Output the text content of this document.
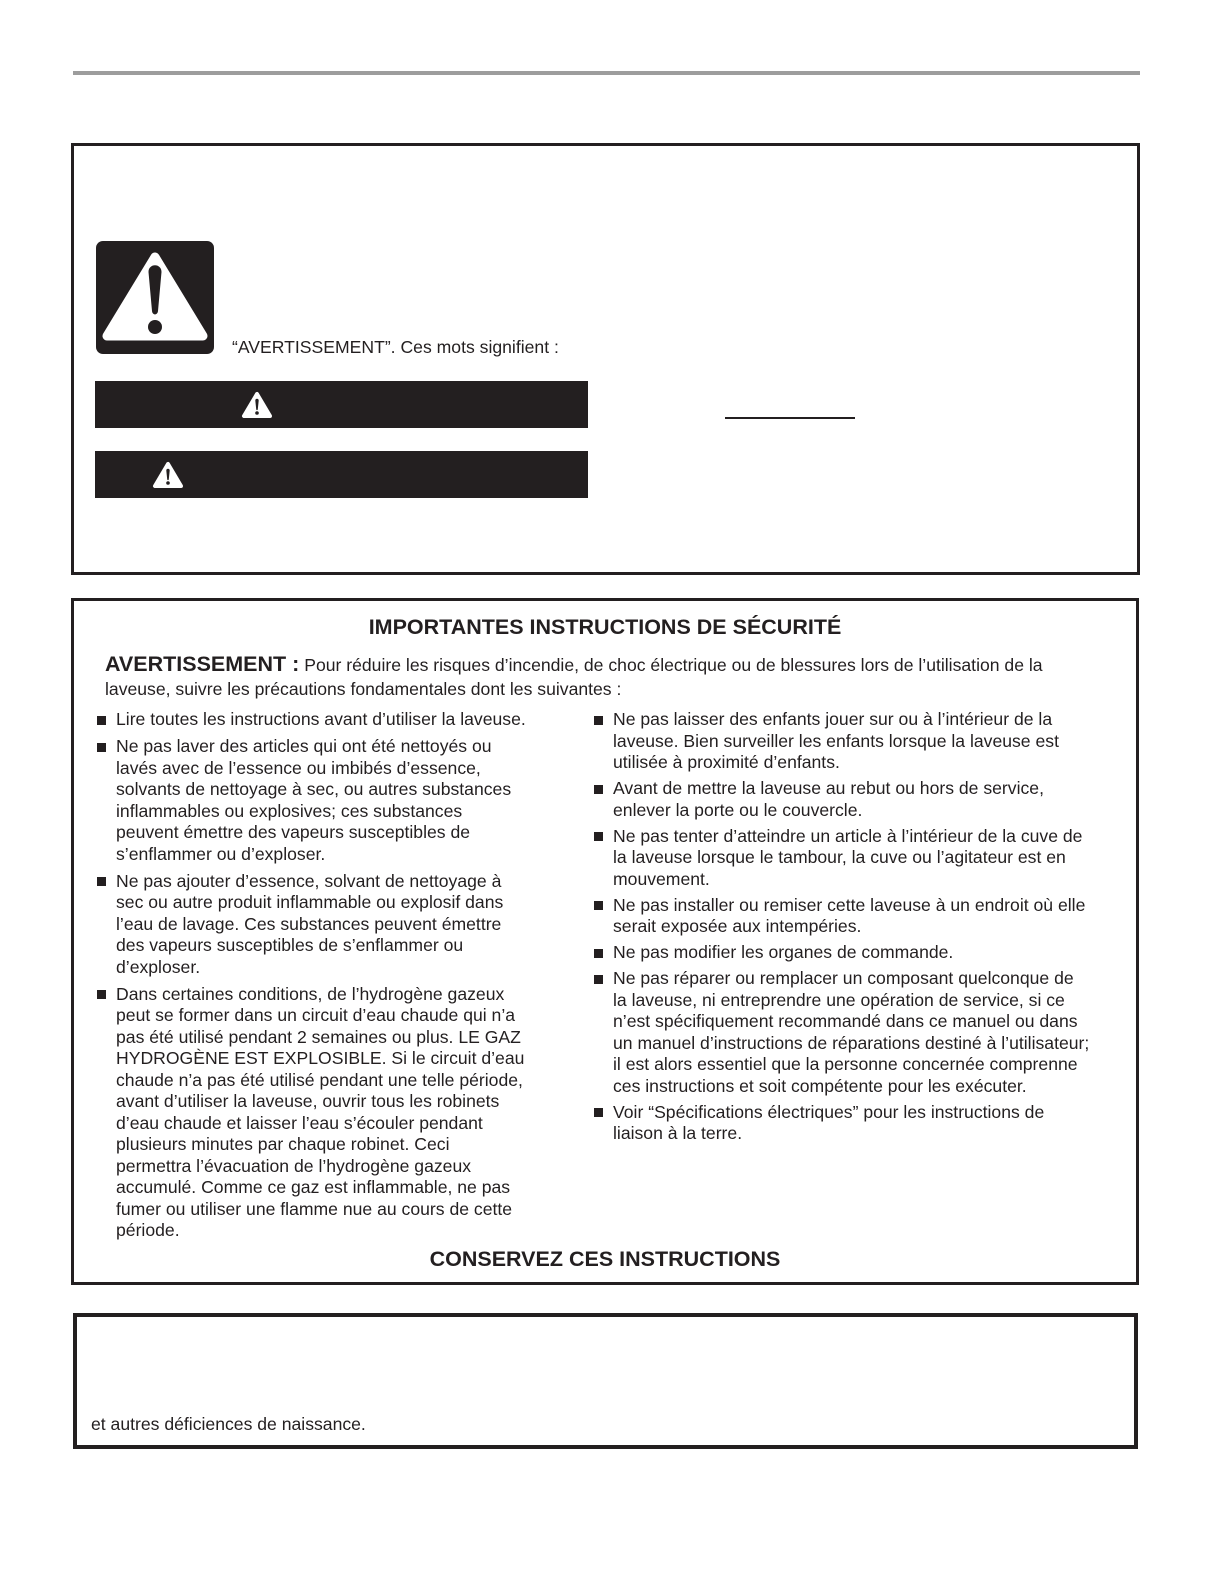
“AVERTISSEMENT”. Ces mots signifient :
IMPORTANTES INSTRUCTIONS DE SÉCURITÉ
AVERTISSEMENT : Pour réduire les risques d’incendie, de choc électrique ou de blessures lors de l’utilisation de la
laveuse, suivre les précautions fondamentales dont les suivantes :
Lire toutes les instructions avant d’utiliser la laveuse.
Ne pas laver des articles qui ont été nettoyés ou
lavés avec de l’essence ou imbibés d’essence,
solvants de nettoyage à sec, ou autres substances
inflammables ou explosives; ces substances
peuvent émettre des vapeurs susceptibles de
s’enflammer ou d’exploser.
Ne pas ajouter d’essence, solvant de nettoyage à
sec ou autre produit inflammable ou explosif dans
l’eau de lavage. Ces substances peuvent émettre
des vapeurs susceptibles de s’enflammer ou
d’exploser.
Dans certaines conditions, de l’hydrogène gazeux
peut se former dans un circuit d’eau chaude qui n’a
pas été utilisé pendant 2 semaines ou plus. LE GAZ
HYDROGÈNE EST EXPLOSIBLE. Si le circuit d’eau
chaude n’a pas été utilisé pendant une telle période,
avant d’utiliser la laveuse, ouvrir tous les robinets
d’eau chaude et laisser l’eau s’écouler pendant
plusieurs minutes par chaque robinet. Ceci
permettra l’évacuation de l’hydrogène gazeux
accumulé. Comme ce gaz est inflammable, ne pas
fumer ou utiliser une flamme nue au cours de cette
période.
Ne pas laisser des enfants jouer sur ou à l’intérieur de la
laveuse. Bien surveiller les enfants lorsque la laveuse est
utilisée à proximité d’enfants.
Avant de mettre la laveuse au rebut ou hors de service,
enlever la porte ou le couvercle.
Ne pas tenter d’atteindre un article à l’intérieur de la cuve de
la laveuse lorsque le tambour, la cuve ou l’agitateur est en
mouvement.
Ne pas installer ou remiser cette laveuse à un endroit où elle
serait exposée aux intempéries.
Ne pas modifier les organes de commande.
Ne pas réparer ou remplacer un composant quelconque de
la laveuse, ni entreprendre une opération de service, si ce
n’est spécifiquement recommandé dans ce manuel ou dans
un manuel d’instructions de réparations destiné à l’utilisateur;
il est alors essentiel que la personne concernée comprenne
ces instructions et soit compétente pour les exécuter.
Voir “Spécifications électriques” pour les instructions de
liaison à la terre.
CONSERVEZ CES INSTRUCTIONS
et autres déficiences de naissance.
